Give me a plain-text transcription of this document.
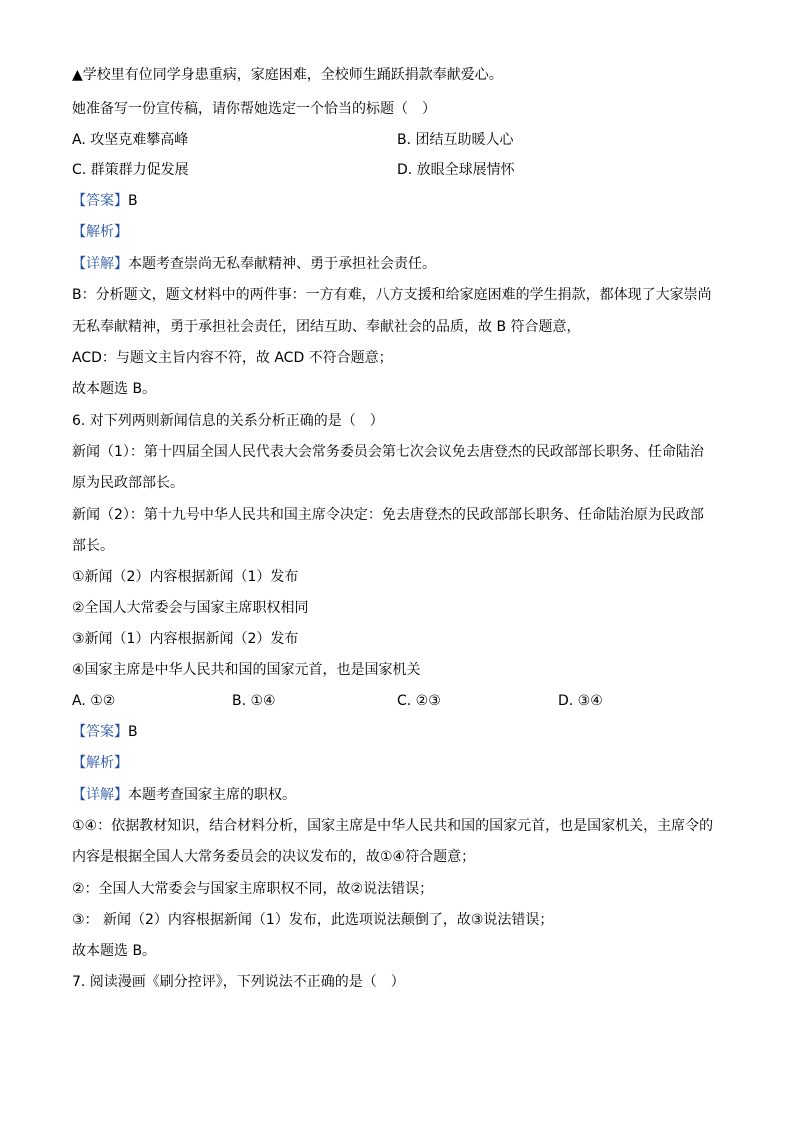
▲学校里有位同学身患重病，家庭困难，全校师生踊跃捐款奉献爱心。
她准备写一份宣传稿，请你帮她选定一个恰当的标题（　）
A. 攻坚克难攀高峰	B. 团结互助暖人心
C. 群策群力促发展	D. 放眼全球展情怀
【答案】B
【解析】
【详解】本题考查崇尚无私奉献精神、勇于承担社会责任。
B：分析题文，题文材料中的两件事：一方有难，八方支援和给家庭困难的学生捐款，都体现了大家崇尚
无私奉献精神，勇于承担社会责任，团结互助、奉献社会的品质，故 B 符合题意，
ACD：与题文主旨内容不符，故 ACD 不符合题意；
故本题选 B。
6. 对下列两则新闻信息的关系分析正确的是（　）
新闻（1）：第十四届全国人民代表大会常务委员会第七次会议免去唐登杰的民政部部长职务、任命陆治
原为民政部部长。
新闻（2）：第十九号中华人民共和国主席令决定：免去唐登杰的民政部部长职务、任命陆治原为民政部
部长。
①新闻（2）内容根据新闻（1）发布
②全国人大常委会与国家主席职权相同
③新闻（1）内容根据新闻（2）发布
④国家主席是中华人民共和国的国家元首，也是国家机关
A. ①②	B. ①④	C. ②③	D. ③④
【答案】B
【解析】
【详解】本题考查国家主席的职权。
①④：依据教材知识，结合材料分析，国家主席是中华人民共和国的国家元首，也是国家机关，主席令的
内容是根据全国人大常务委员会的决议发布的，故①④符合题意；
②：全国人大常委会与国家主席职权不同，故②说法错误；
③： 新闻（2）内容根据新闻（1）发布，此选项说法颠倒了，故③说法错误；
故本题选 B。
7. 阅读漫画《刷分控评》，下列说法不正确的是（　）
